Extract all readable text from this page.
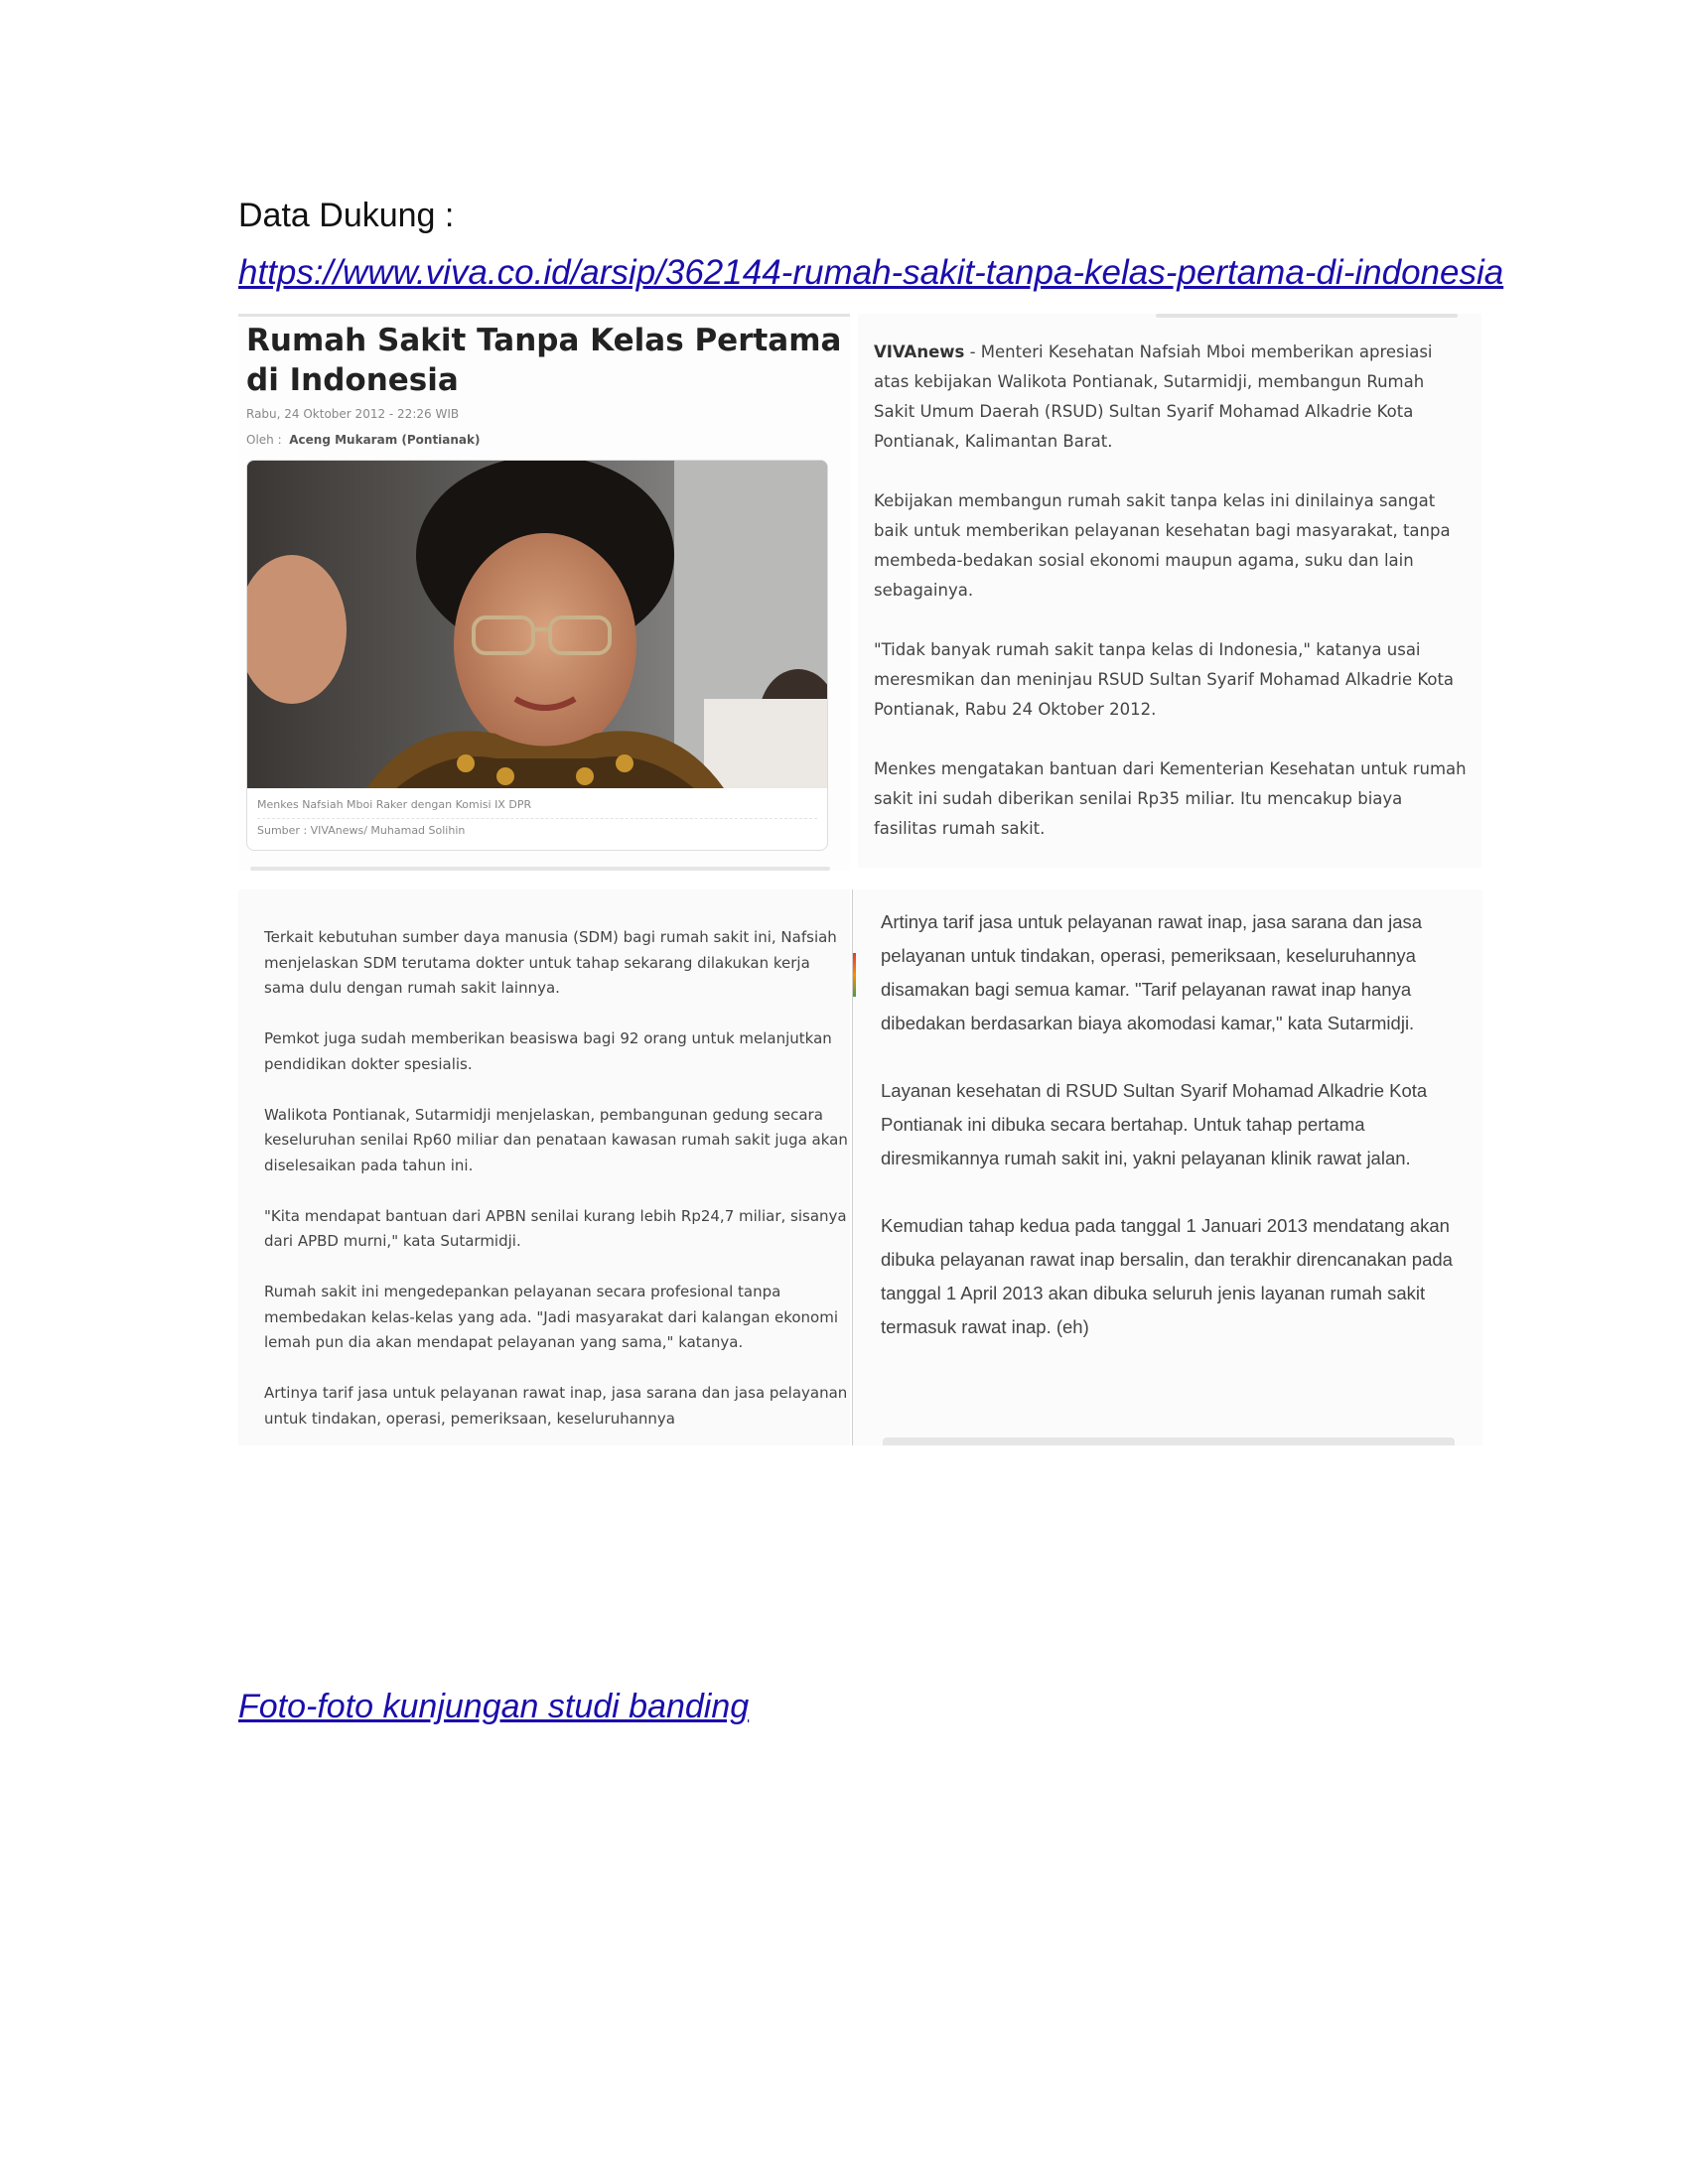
Data Dukung :
https://www.viva.co.id/arsip/362144-rumah-sakit-tanpa-kelas-pertama-di-indonesia
Rumah Sakit Tanpa Kelas Pertama di Indonesia
Rabu, 24 Oktober 2012 - 22:26 WIB
Oleh : Aceng Mukaram (Pontianak)
Menkes Nafsiah Mboi Raker dengan Komisi IX DPR
Sumber : VIVAnews/ Muhamad Solihin
VIVAnews - Menteri Kesehatan Nafsiah Mboi memberikan apresiasi atas kebijakan Walikota Pontianak, Sutarmidji, membangun Rumah Sakit Umum Daerah (RSUD) Sultan Syarif Mohamad Alkadrie Kota Pontianak, Kalimantan Barat.

Kebijakan membangun rumah sakit tanpa kelas ini dinilainya sangat baik untuk memberikan pelayanan kesehatan bagi masyarakat, tanpa membeda-bedakan sosial ekonomi maupun agama, suku dan lain sebagainya.

"Tidak banyak rumah sakit tanpa kelas di Indonesia," katanya usai meresmikan dan meninjau RSUD Sultan Syarif Mohamad Alkadrie Kota Pontianak, Rabu 24 Oktober 2012.

Menkes mengatakan bantuan dari Kementerian Kesehatan untuk rumah sakit ini sudah diberikan senilai Rp35 miliar. Itu mencakup biaya fasilitas rumah sakit.
Terkait kebutuhan sumber daya manusia (SDM) bagi rumah sakit ini, Nafsiah menjelaskan SDM terutama dokter untuk tahap sekarang dilakukan kerja sama dulu dengan rumah sakit lainnya.

Pemkot juga sudah memberikan beasiswa bagi 92 orang untuk melanjutkan pendidikan dokter spesialis.

Walikota Pontianak, Sutarmidji menjelaskan, pembangunan gedung secara keseluruhan senilai Rp60 miliar dan penataan kawasan rumah sakit juga akan diselesaikan pada tahun ini.

"Kita mendapat bantuan dari APBN senilai kurang lebih Rp24,7 miliar, sisanya dari APBD murni," kata Sutarmidji.

Rumah sakit ini mengedepankan pelayanan secara profesional tanpa membedakan kelas-kelas yang ada. "Jadi masyarakat dari kalangan ekonomi lemah pun dia akan mendapat pelayanan yang sama," katanya.

Artinya tarif jasa untuk pelayanan rawat inap, jasa sarana dan jasa pelayanan untuk tindakan, operasi, pemeriksaan, keseluruhannya
Artinya tarif jasa untuk pelayanan rawat inap, jasa sarana dan jasa pelayanan untuk tindakan, operasi, pemeriksaan, keseluruhannya disamakan bagi semua kamar. "Tarif pelayanan rawat inap hanya dibedakan berdasarkan biaya akomodasi kamar," kata Sutarmidji.

Layanan kesehatan di RSUD Sultan Syarif Mohamad Alkadrie Kota Pontianak ini dibuka secara bertahap. Untuk tahap pertama diresmikannya rumah sakit ini, yakni pelayanan klinik rawat jalan.

Kemudian tahap kedua pada tanggal 1 Januari 2013 mendatang akan dibuka pelayanan rawat inap bersalin, dan terakhir direncanakan pada tanggal 1 April 2013 akan dibuka seluruh jenis layanan rumah sakit termasuk rawat inap. (eh)
Foto-foto kunjungan studi banding
